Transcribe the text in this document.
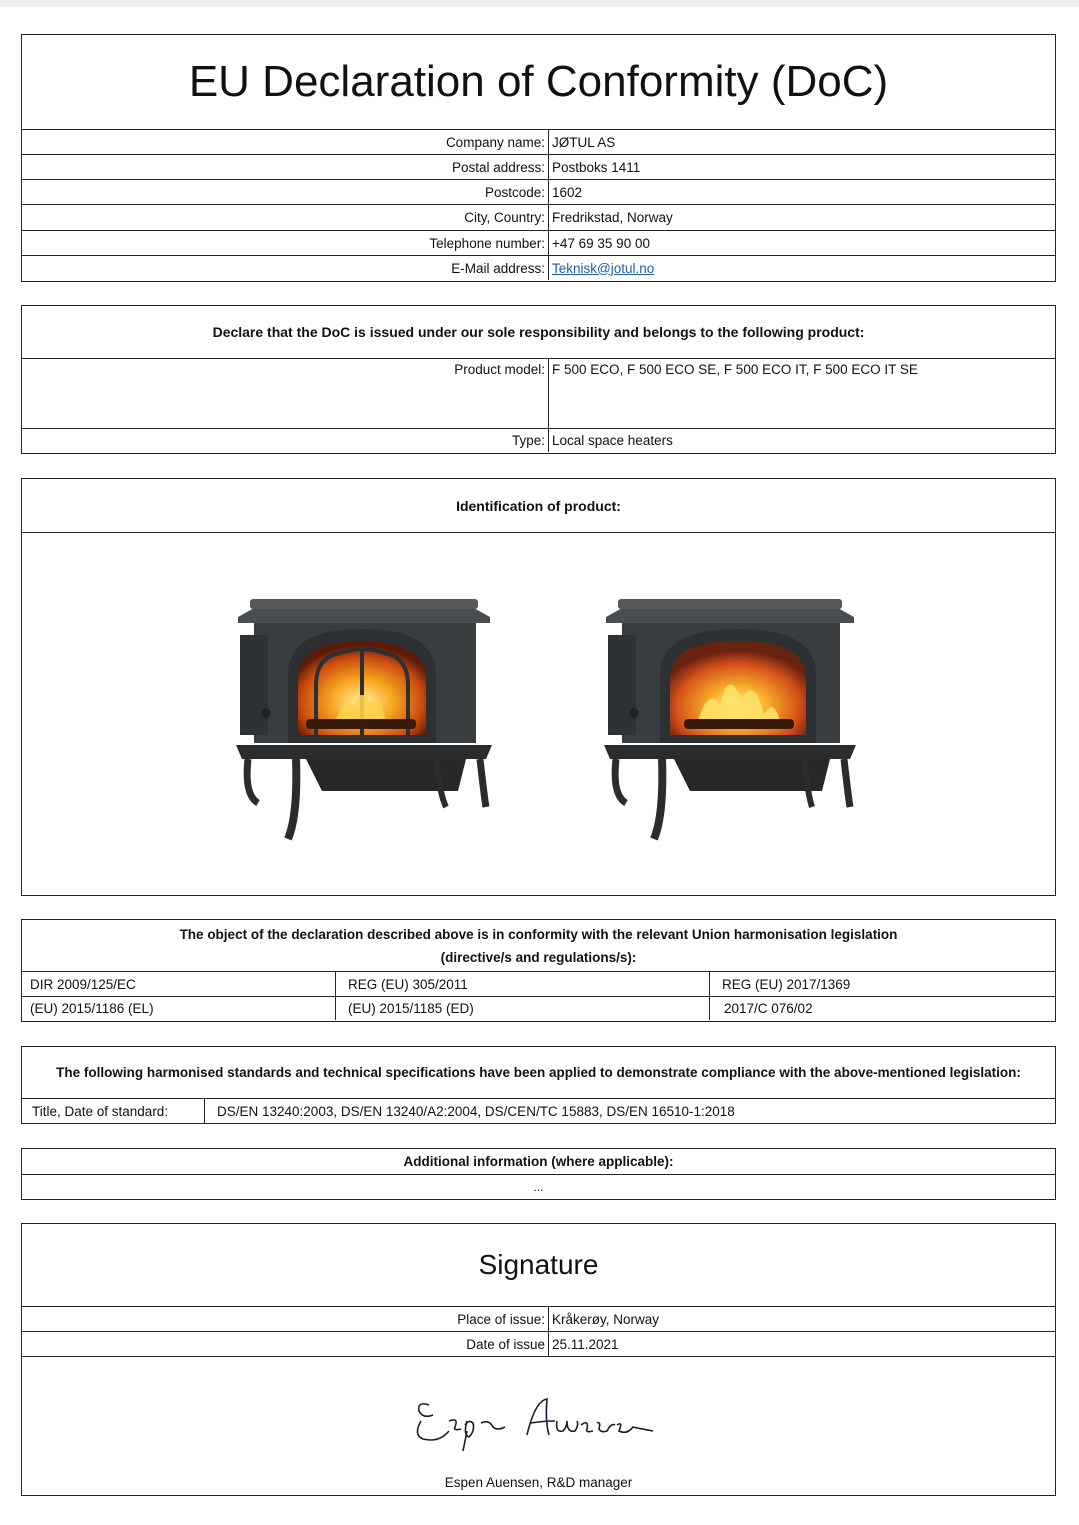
EU Declaration of Conformity (DoC)
Company name: JØTUL AS
Postal address: Postboks 1411
Postcode: 1602
City, Country: Fredrikstad, Norway
Telephone number: +47 69 35 90 00
E-Mail address: Teknisk@jotul.no
Declare that the DoC is issued under our sole responsibility and belongs to the following product:
Product model: F 500 ECO, F 500 ECO SE, F 500 ECO IT, F 500 ECO IT SE
Type: Local space heaters
Identification of product:
The object of the declaration described above is in conformity with the relevant Union harmonisation legislation
(directive/s and regulations/s):
DIR 2009/125/EC	REG (EU) 305/2011	REG (EU) 2017/1369
(EU) 2015/1186 (EL)	(EU) 2015/1185 (ED)	2017/C 076/02
The following harmonised standards and technical specifications have been applied to demonstrate compliance with the above-mentioned legislation:
Title, Date of standard:	DS/EN 13240:2003, DS/EN 13240/A2:2004, DS/CEN/TC 15883, DS/EN 16510-1:2018
Additional information (where applicable):
...
Signature
Place of issue: Kråkerøy, Norway
Date of issue 25.11.2021
Espen Auensen, R&D manager
